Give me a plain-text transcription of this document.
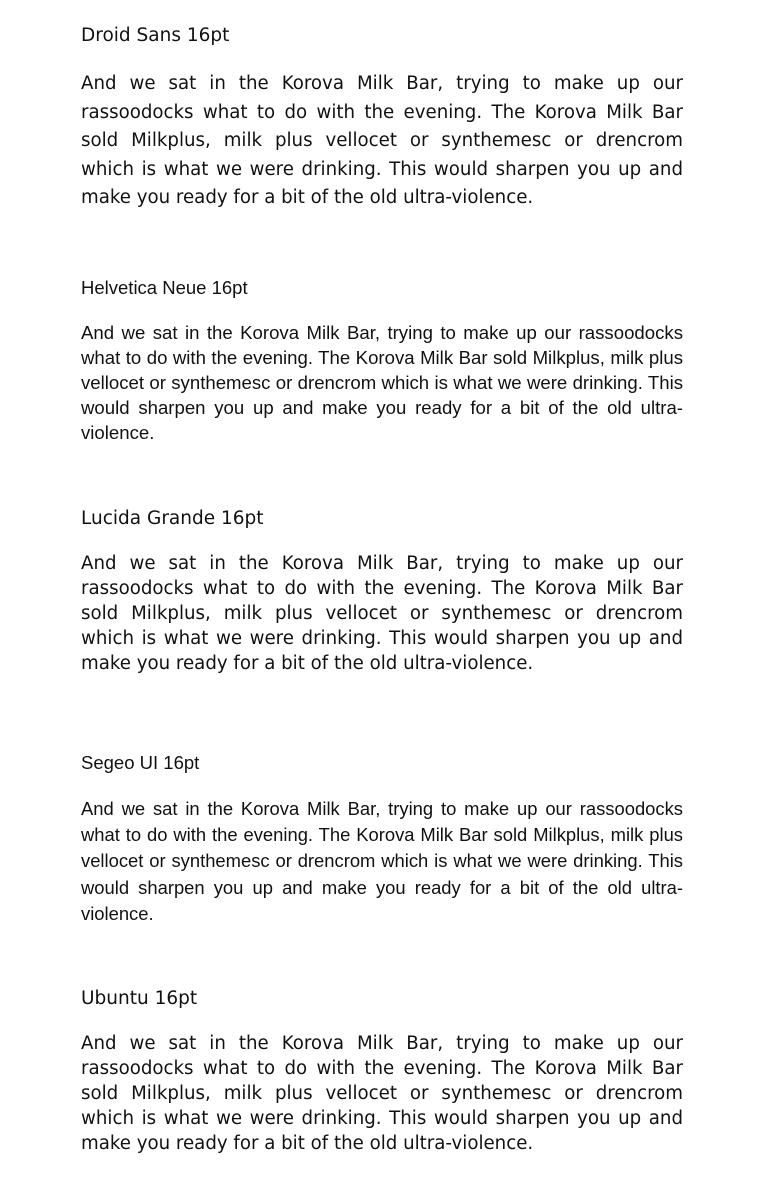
Droid Sans 16pt

And we sat in the Korova Milk Bar, trying to make up our rassoodocks what to do with the evening. The Korova Milk Bar sold Milkplus, milk plus vellocet or synthemesc or drencrom which is what we were drinking. This would sharpen you up and make you ready for a bit of the old ultra-violence.

Helvetica Neue 16pt

And we sat in the Korova Milk Bar, trying to make up our rassoodocks what to do with the evening. The Korova Milk Bar sold Milkplus, milk plus vellocet or synthemesc or drencrom which is what we were drinking. This would sharpen you up and make you ready for a bit of the old ultra-violence.

Lucida Grande 16pt

And we sat in the Korova Milk Bar, trying to make up our rassoodocks what to do with the evening. The Korova Milk Bar sold Milkplus, milk plus vellocet or synthemesc or drencrom which is what we were drinking. This would sharpen you up and make you ready for a bit of the old ultra-violence.

Segeo UI 16pt

And we sat in the Korova Milk Bar, trying to make up our rassoodocks what to do with the evening. The Korova Milk Bar sold Milkplus, milk plus vellocet or synthemesc or drencrom which is what we were drinking. This would sharpen you up and make you ready for a bit of the old ultra-violence.

Ubuntu 16pt

And we sat in the Korova Milk Bar, trying to make up our rassoodocks what to do with the evening. The Korova Milk Bar sold Milkplus, milk plus vellocet or synthemesc or drencrom which is what we were drinking. This would sharpen you up and make you ready for a bit of the old ultra-violence.
